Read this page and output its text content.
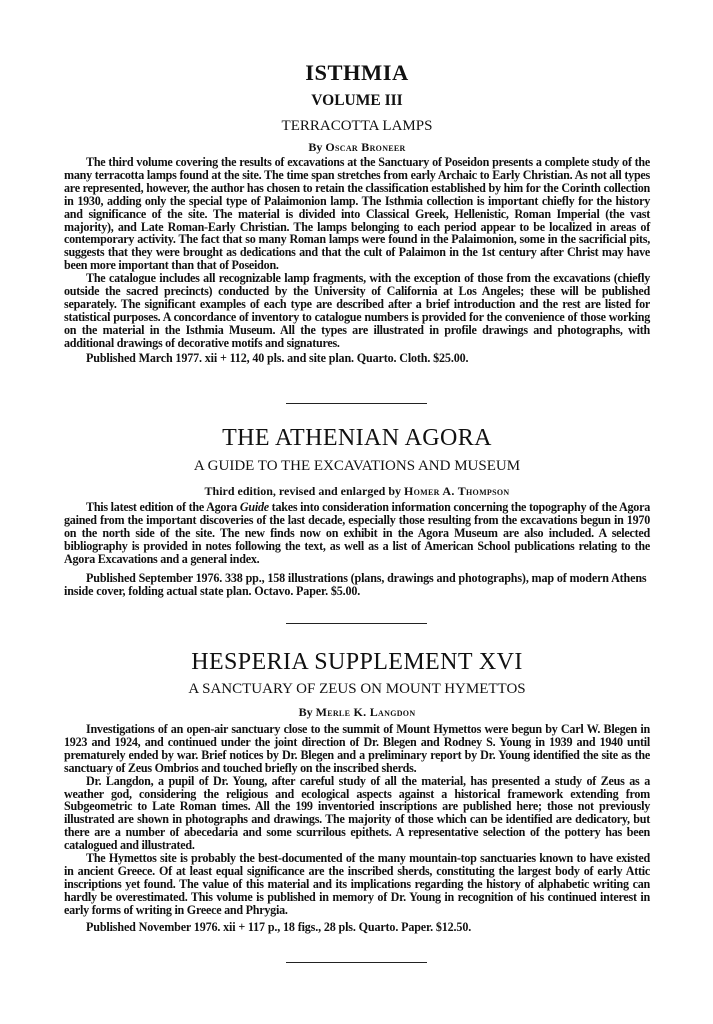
ISTHMIA
VOLUME III
TERRACOTTA LAMPS
By Oscar Broneer

The third volume covering the results of excavations at the Sanctuary of Poseidon presents a complete study of the many terracotta lamps found at the site. The time span stretches from early Archaic to Early Christian. As not all types are represented, however, the author has chosen to retain the classification established by him for the Corinth collection in 1930, adding only the special type of Palaimonion lamp. The Isthmia collection is important chiefly for the history and significance of the site. The material is divided into Classical Greek, Hellenistic, Roman Imperial (the vast majority), and Late Roman-Early Christian. The lamps belonging to each period appear to be localized in areas of contemporary activity. The fact that so many Roman lamps were found in the Palaimonion, some in the sacrificial pits, suggests that they were brought as dedications and that the cult of Palaimon in the 1st century after Christ may have been more important than that of Poseidon.

The catalogue includes all recognizable lamp fragments, with the exception of those from the excavations (chiefly outside the sacred precincts) conducted by the University of California at Los Angeles; these will be published separately. The significant examples of each type are described after a brief introduction and the rest are listed for statistical purposes. A concordance of inventory to catalogue numbers is provided for the convenience of those working on the material in the Isthmia Museum. All the types are illustrated in profile drawings and photographs, with additional drawings of decorative motifs and signatures.

Published March 1977. xii + 112, 40 pls. and site plan. Quarto. Cloth. $25.00.

THE ATHENIAN AGORA
A GUIDE TO THE EXCAVATIONS AND MUSEUM
Third edition, revised and enlarged by Homer A. Thompson

This latest edition of the Agora Guide takes into consideration information concerning the topography of the Agora gained from the important discoveries of the last decade, especially those resulting from the excavations begun in 1970 on the north side of the site. The new finds now on exhibit in the Agora Museum are also included. A selected bibliography is provided in notes following the text, as well as a list of American School publications relating to the Agora Excavations and a general index.

Published September 1976. 338 pp., 158 illustrations (plans, drawings and photographs), map of modern Athens inside cover, folding actual state plan. Octavo. Paper. $5.00.

HESPERIA SUPPLEMENT XVI
A SANCTUARY OF ZEUS ON MOUNT HYMETTOS
By Merle K. Langdon

Investigations of an open-air sanctuary close to the summit of Mount Hymettos were begun by Carl W. Blegen in 1923 and 1924, and continued under the joint direction of Dr. Blegen and Rodney S. Young in 1939 and 1940 until prematurely ended by war. Brief notices by Dr. Blegen and a preliminary report by Dr. Young identified the site as the sanctuary of Zeus Ombrios and touched briefly on the inscribed sherds.

Dr. Langdon, a pupil of Dr. Young, after careful study of all the material, has presented a study of Zeus as a weather god, considering the religious and ecological aspects against a historical framework extending from Subgeometric to Late Roman times. All the 199 inventoried inscriptions are published here; those not previously illustrated are shown in photographs and drawings. The majority of those which can be identified are dedicatory, but there are a number of abecedaria and some scurrilous epithets. A representative selection of the pottery has been catalogued and illustrated.

The Hymettos site is probably the best-documented of the many mountain-top sanctuaries known to have existed in ancient Greece. Of at least equal significance are the inscribed sherds, constituting the largest body of early Attic inscriptions yet found. The value of this material and its implications regarding the history of alphabetic writing can hardly be overestimated. This volume is published in memory of Dr. Young in recognition of his continued interest in early forms of writing in Greece and Phrygia.

Published November 1976. xii + 117 p., 18 figs., 28 pls. Quarto. Paper. $12.50.
